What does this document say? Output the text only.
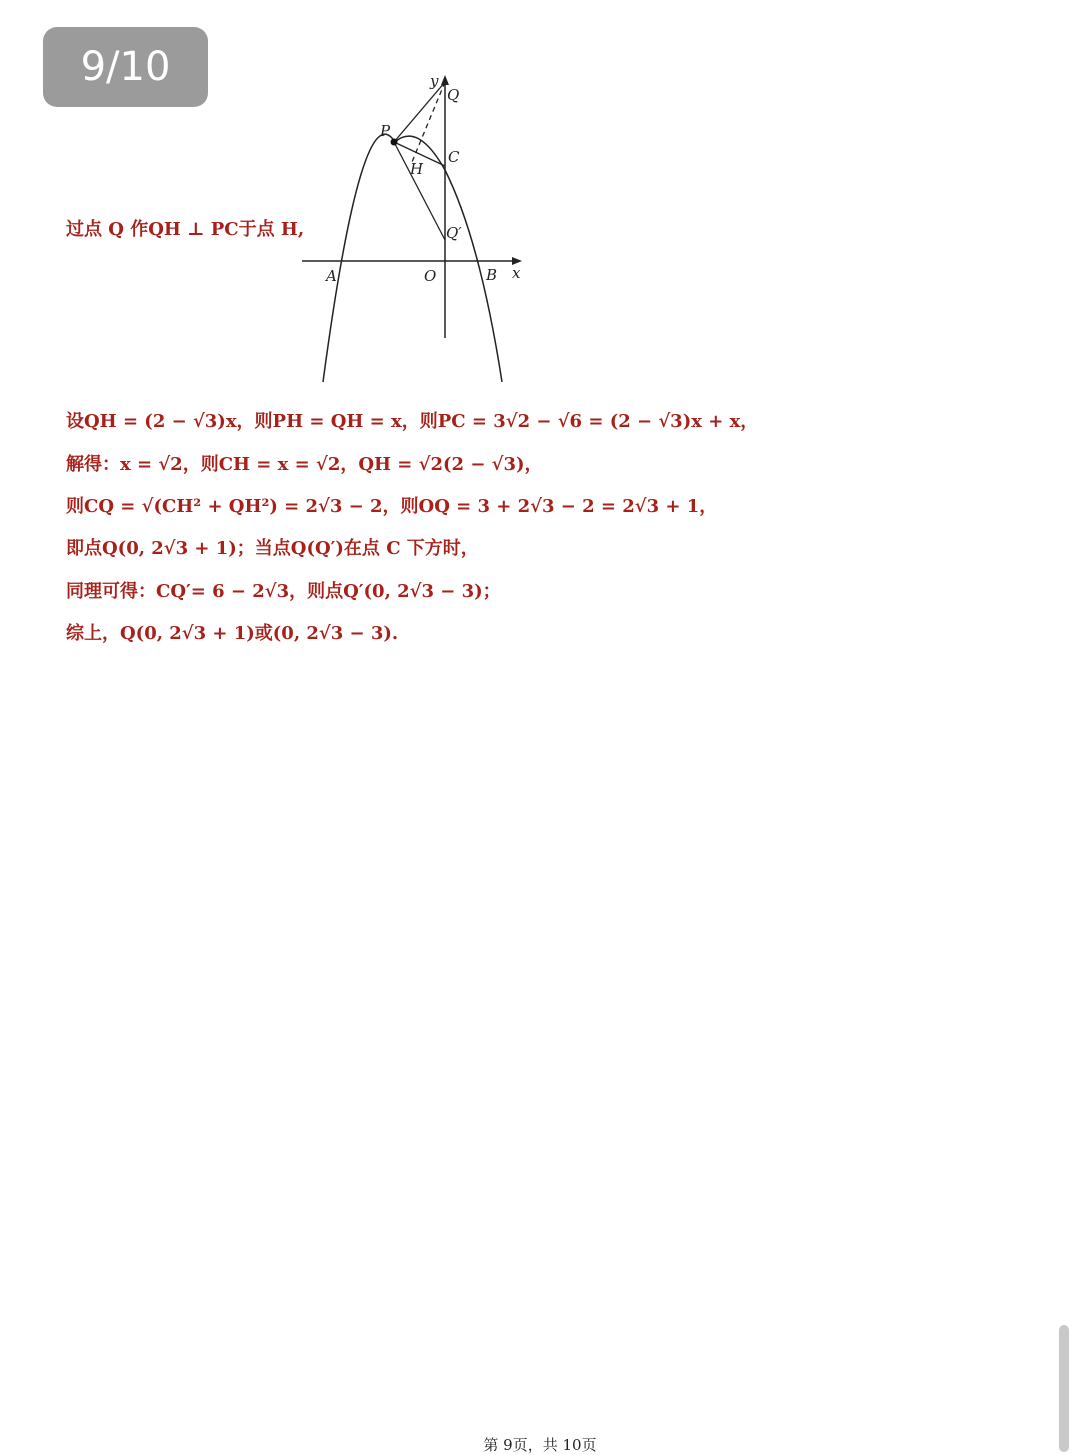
9/10
过点 Q 作QH ⊥ PC于点 H,
y
Q
P
C
H
Q′
A	O	B x
设QH = (2 − √3)x，则PH = QH = x，则PC = 3√2 − √6 = (2 − √3)x + x，
解得：x = √2，则CH = x = √2，QH = √2(2 − √3)，
则CQ = √(CH² + QH²) = 2√3 − 2，则OQ = 3 + 2√3 − 2 = 2√3 + 1，
即点Q(0, 2√3 + 1)；当点Q(Q′)在点 C 下方时，
同理可得：CQ′= 6 − 2√3，则点Q′(0, 2√3 − 3)；
综上，Q(0, 2√3 + 1)或(0, 2√3 − 3).
第 9页，共 10页
